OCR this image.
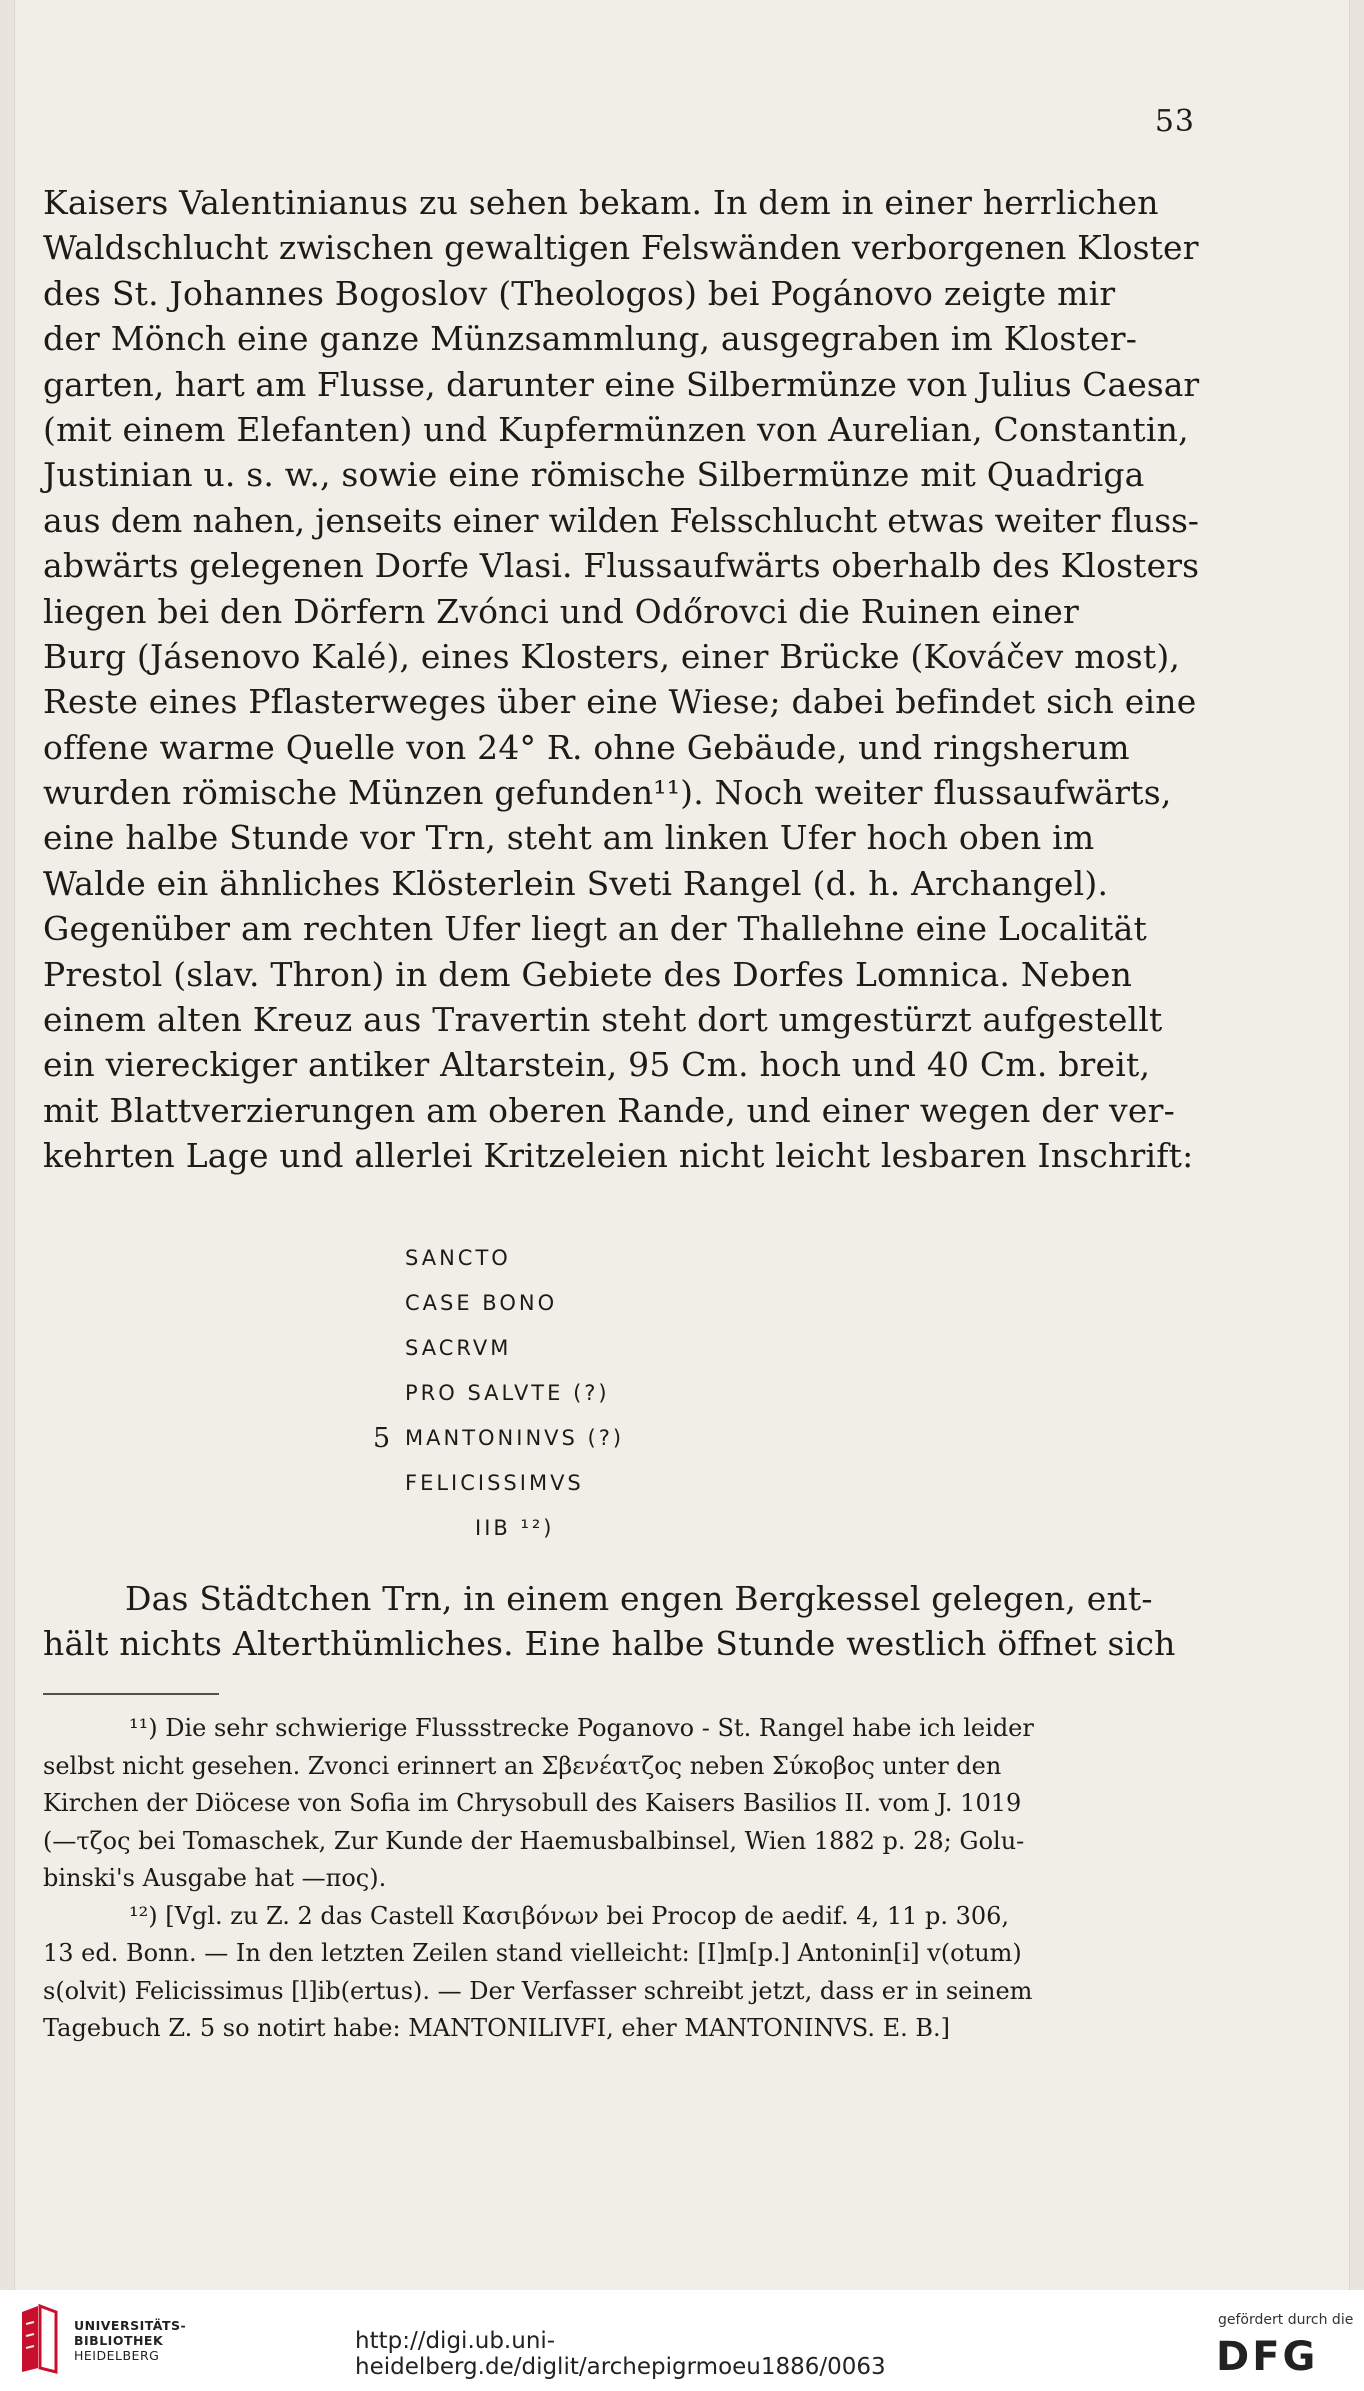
53
Kaisers Valentinianus zu sehen bekam. In dem in einer herrlichen
Waldschlucht zwischen gewaltigen Felswänden verborgenen Kloster
des St. Johannes Bogoslov (Theologos) bei Pogánovo zeigte mir
der Mönch eine ganze Münzsammlung, ausgegraben im Kloster-
garten, hart am Flusse, darunter eine Silbermünze von Julius Caesar
(mit einem Elefanten) und Kupfermünzen von Aurelian, Constantin,
Justinian u. s. w., sowie eine römische Silbermünze mit Quadriga
aus dem nahen, jenseits einer wilden Felsschlucht etwas weiter fluss-
abwärts gelegenen Dorfe Vlasi. Flussaufwärts oberhalb des Klosters
liegen bei den Dörfern Zvónci und Odőrovci die Ruinen einer
Burg (Jásenovo Kalé), eines Klosters, einer Brücke (Kováčev most),
Reste eines Pflasterweges über eine Wiese; dabei befindet sich eine
offene warme Quelle von 24° R. ohne Gebäude, und ringsherum
wurden römische Münzen gefunden¹¹). Noch weiter flussaufwärts,
eine halbe Stunde vor Trn, steht am linken Ufer hoch oben im
Walde ein ähnliches Klösterlein Sveti Rangel (d. h. Archangel).
Gegenüber am rechten Ufer liegt an der Thallehne eine Localität
Prestol (slav. Thron) in dem Gebiete des Dorfes Lomnica. Neben
einem alten Kreuz aus Travertin steht dort umgestürzt aufgestellt
ein viereckiger antiker Altarstein, 95 Cm. hoch und 40 Cm. breit,
mit Blattverzierungen am oberen Rande, und einer wegen der ver-
kehrten Lage und allerlei Kritzeleien nicht leicht lesbaren Inschrift:
SANCTO
CASE BONO
SACRVM
PRO SALVTE (?)
5 MANTONINVS (?)
FELICISSIMVS
IIB ¹²)
Das Städtchen Trn, in einem engen Bergkessel gelegen, ent-
hält nichts Alterthümliches. Eine halbe Stunde westlich öffnet sich
¹¹) Die sehr schwierige Flussstrecke Poganovo - St. Rangel habe ich leider
selbst nicht gesehen. Zvonci erinnert an Σβενέατζος neben Σύκοβος unter den
Kirchen der Diöcese von Sofia im Chrysobull des Kaisers Basilios II. vom J. 1019
(—τζος bei Tomaschek, Zur Kunde der Haemusbalbinsel, Wien 1882 p. 28; Golu-
binski's Ausgabe hat —πος).
¹²) [Vgl. zu Z. 2 das Castell Κασιβόνων bei Procop de aedif. 4, 11 p. 306,
13 ed. Bonn. — In den letzten Zeilen stand vielleicht: [I]m[p.] Antonin[i] v(otum)
s(olvit) Felicissimus [l]ib(ertus). — Der Verfasser schreibt jetzt, dass er in seinem
Tagebuch Z. 5 so notirt habe: MANTONILIVFI, eher MANTONINVS. E. B.]
UNIVERSITÄTS-
BIBLIOTHEK
HEIDELBERG
http://digi.ub.uni-heidelberg.de/diglit/archepigrmoeu1886/0063
gefördert durch die
DFG
